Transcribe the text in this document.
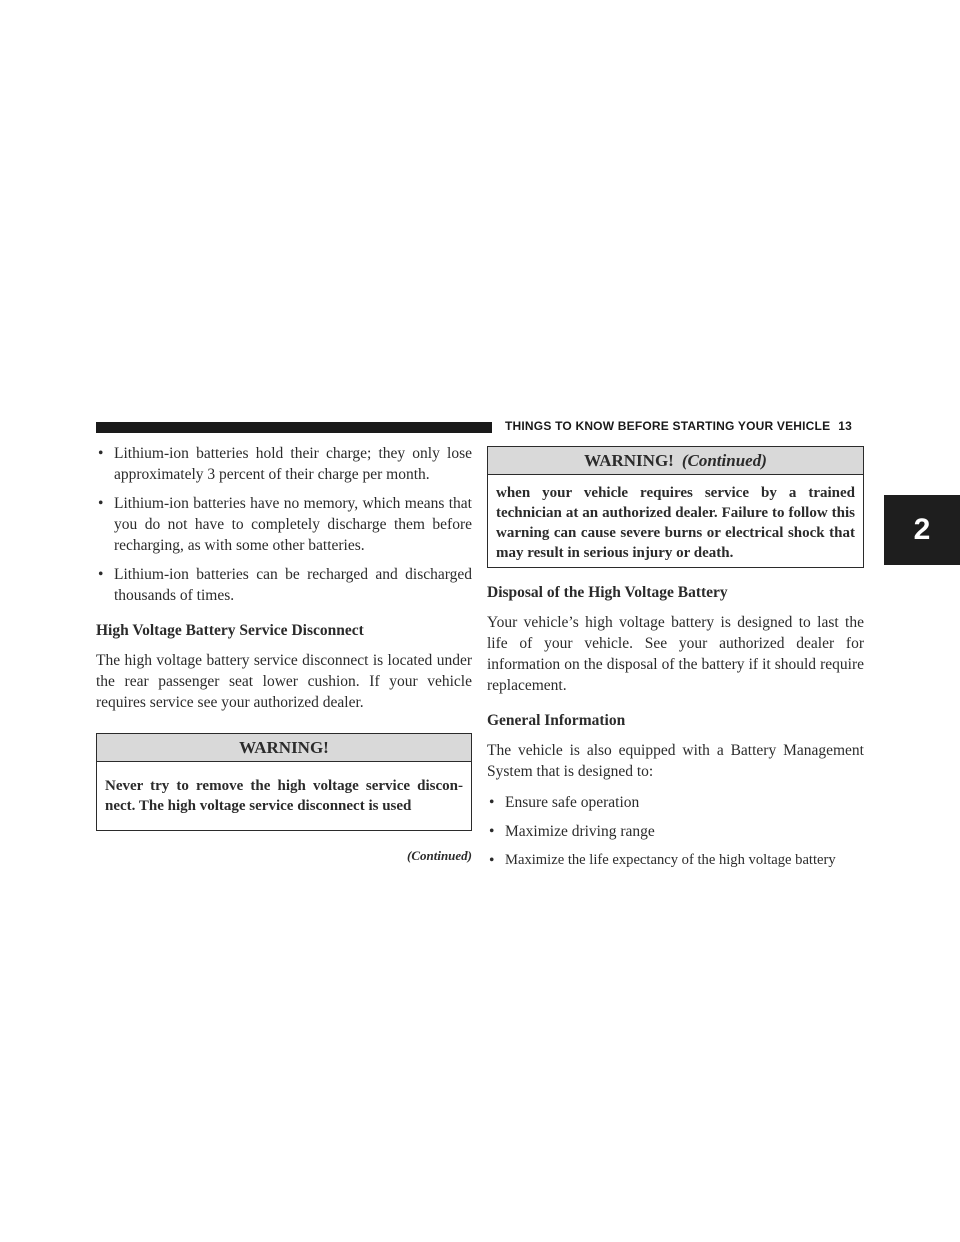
THINGS TO KNOW BEFORE STARTING YOUR VEHICLE 13
2
• Lithium-ion batteries hold their charge; they only lose approximately 3 percent of their charge per month.

• Lithium-ion batteries have no memory, which means that you do not have to completely discharge them before recharging, as with some other batteries.

• Lithium-ion batteries can be recharged and discharged thousands of times.

High Voltage Battery Service Disconnect

The high voltage battery service disconnect is located under the rear passenger seat lower cushion. If your vehicle requires service see your authorized dealer.

WARNING!
Never try to remove the high voltage service discon-nect. The high voltage service disconnect is used
(Continued)
WARNING! (Continued)
when your vehicle requires service by a trained technician at an authorized dealer. Failure to follow this warning can cause severe burns or electrical shock that may result in serious injury or death.
Disposal of the High Voltage Battery

Your vehicle’s high voltage battery is designed to last the life of your vehicle. See your authorized dealer for information on the disposal of the battery if it should require replacement.

General Information

The vehicle is also equipped with a Battery Management System that is designed to:

• Ensure safe operation

• Maximize driving range

• Maximize the life expectancy of the high voltage battery
